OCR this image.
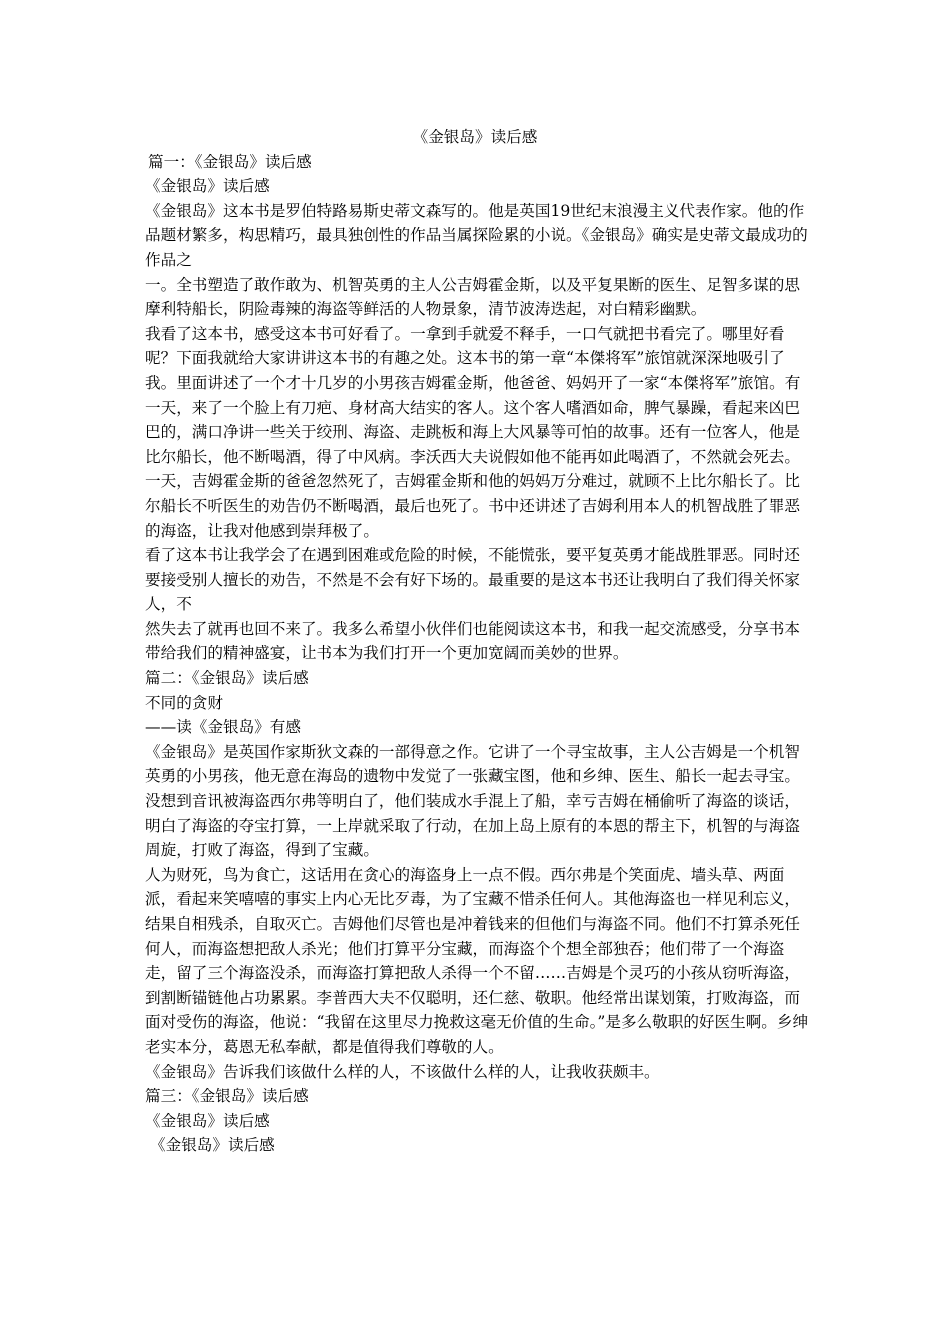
《金银岛》读后感

篇一：《金银岛》读后感

《金银岛》读后感

《金银岛》这本书是罗伯特路易斯史蒂文森写的。他是英国19世纪末浪漫主义代表作家。他的作品题材繁多，构思精巧，最具独创性的作品当属探险累的小说。《金银岛》确实是史蒂文最成功的作品之

一。全书塑造了敢作敢为、机智英勇的主人公吉姆霍金斯，以及平复果断的医生、足智多谋的思摩利特船长，阴险毒辣的海盗等鲜活的人物景象，清节波涛迭起，对白精彩幽默。

我看了这本书，感受这本书可好看了。一拿到手就爱不释手，一口气就把书看完了。哪里好看呢？下面我就给大家讲讲这本书的有趣之处。这本书的第一章“本傑将军”旅馆就深深地吸引了我。里面讲述了一个才十几岁的小男孩吉姆霍金斯，他爸爸、妈妈开了一家“本傑将军”旅馆。有一天，来了一个脸上有刀疤、身材高大结实的客人。这个客人嗜酒如命，脾气暴躁，看起来凶巴巴的，满口净讲一些关于绞刑、海盗、走跳板和海上大风暴等可怕的故事。还有一位客人，他是比尔船长，他不断喝酒，得了中风病。李沃西大夫说假如他不能再如此喝酒了，不然就会死去。一天，吉姆霍金斯的爸爸忽然死了，吉姆霍金斯和他的妈妈万分难过，就顾不上比尔船长了。比尔船长不听医生的劝告仍不断喝酒，最后也死了。书中还讲述了吉姆利用本人的机智战胜了罪恶的海盗，让我对他感到崇拜极了。

看了这本书让我学会了在遇到困难或危险的时候，不能慌张，要平复英勇才能战胜罪恶。同时还要接受别人擅长的劝告，不然是不会有好下场的。最重要的是这本书还让我明白了我们得关怀家人，不

然失去了就再也回不来了。我多么希望小伙伴们也能阅读这本书，和我一起交流感受，分享书本带给我们的精神盛宴，让书本为我们打开一个更加宽阔而美妙的世界。

篇二：《金银岛》读后感

不同的贪财

——读《金银岛》有感

《金银岛》是英国作家斯狄文森的一部得意之作。它讲了一个寻宝故事，主人公吉姆是一个机智英勇的小男孩，他无意在海岛的遗物中发觉了一张藏宝图，他和乡绅、医生、船长一起去寻宝。没想到音讯被海盗西尔弗等明白了，他们装成水手混上了船，幸亏吉姆在桶偷听了海盗的谈话，明白了海盗的夺宝打算，一上岸就采取了行动，在加上岛上原有的本恩的帮主下，机智的与海盗周旋，打败了海盗，得到了宝藏。

人为财死，鸟为食亡，这话用在贪心的海盗身上一点不假。西尔弗是个笑面虎、墙头草、两面派，看起来笑嘻嘻的事实上内心无比歹毒，为了宝藏不惜杀任何人。其他海盗也一样见利忘义，结果自相残杀，自取灭亡。吉姆他们尽管也是冲着钱来的但他们与海盗不同。他们不打算杀死任何人，而海盗想把敌人杀光；他们打算平分宝藏，而海盗个个想全部独吞；他们带了一个海盗走，留了三个海盗没杀，而海盗打算把敌人杀得一个不留……吉姆是个灵巧的小孩从窃听海盗，到割断锚链他占功累累。李普西大夫不仅聪明，还仁慈、敬职。他经常出谋划策，打败海盗，而面对受伤的海盗，他说：“我留在这里尽力挽救这毫无价值的生命。”是多么敬职的好医生啊。乡绅老实本分，葛恩无私奉献，都是值得我们尊敬的人。

《金银岛》告诉我们该做什么样的人，不该做什么样的人，让我收获颇丰。

篇三：《金银岛》读后感

《金银岛》读后感

《金银岛》读后感
